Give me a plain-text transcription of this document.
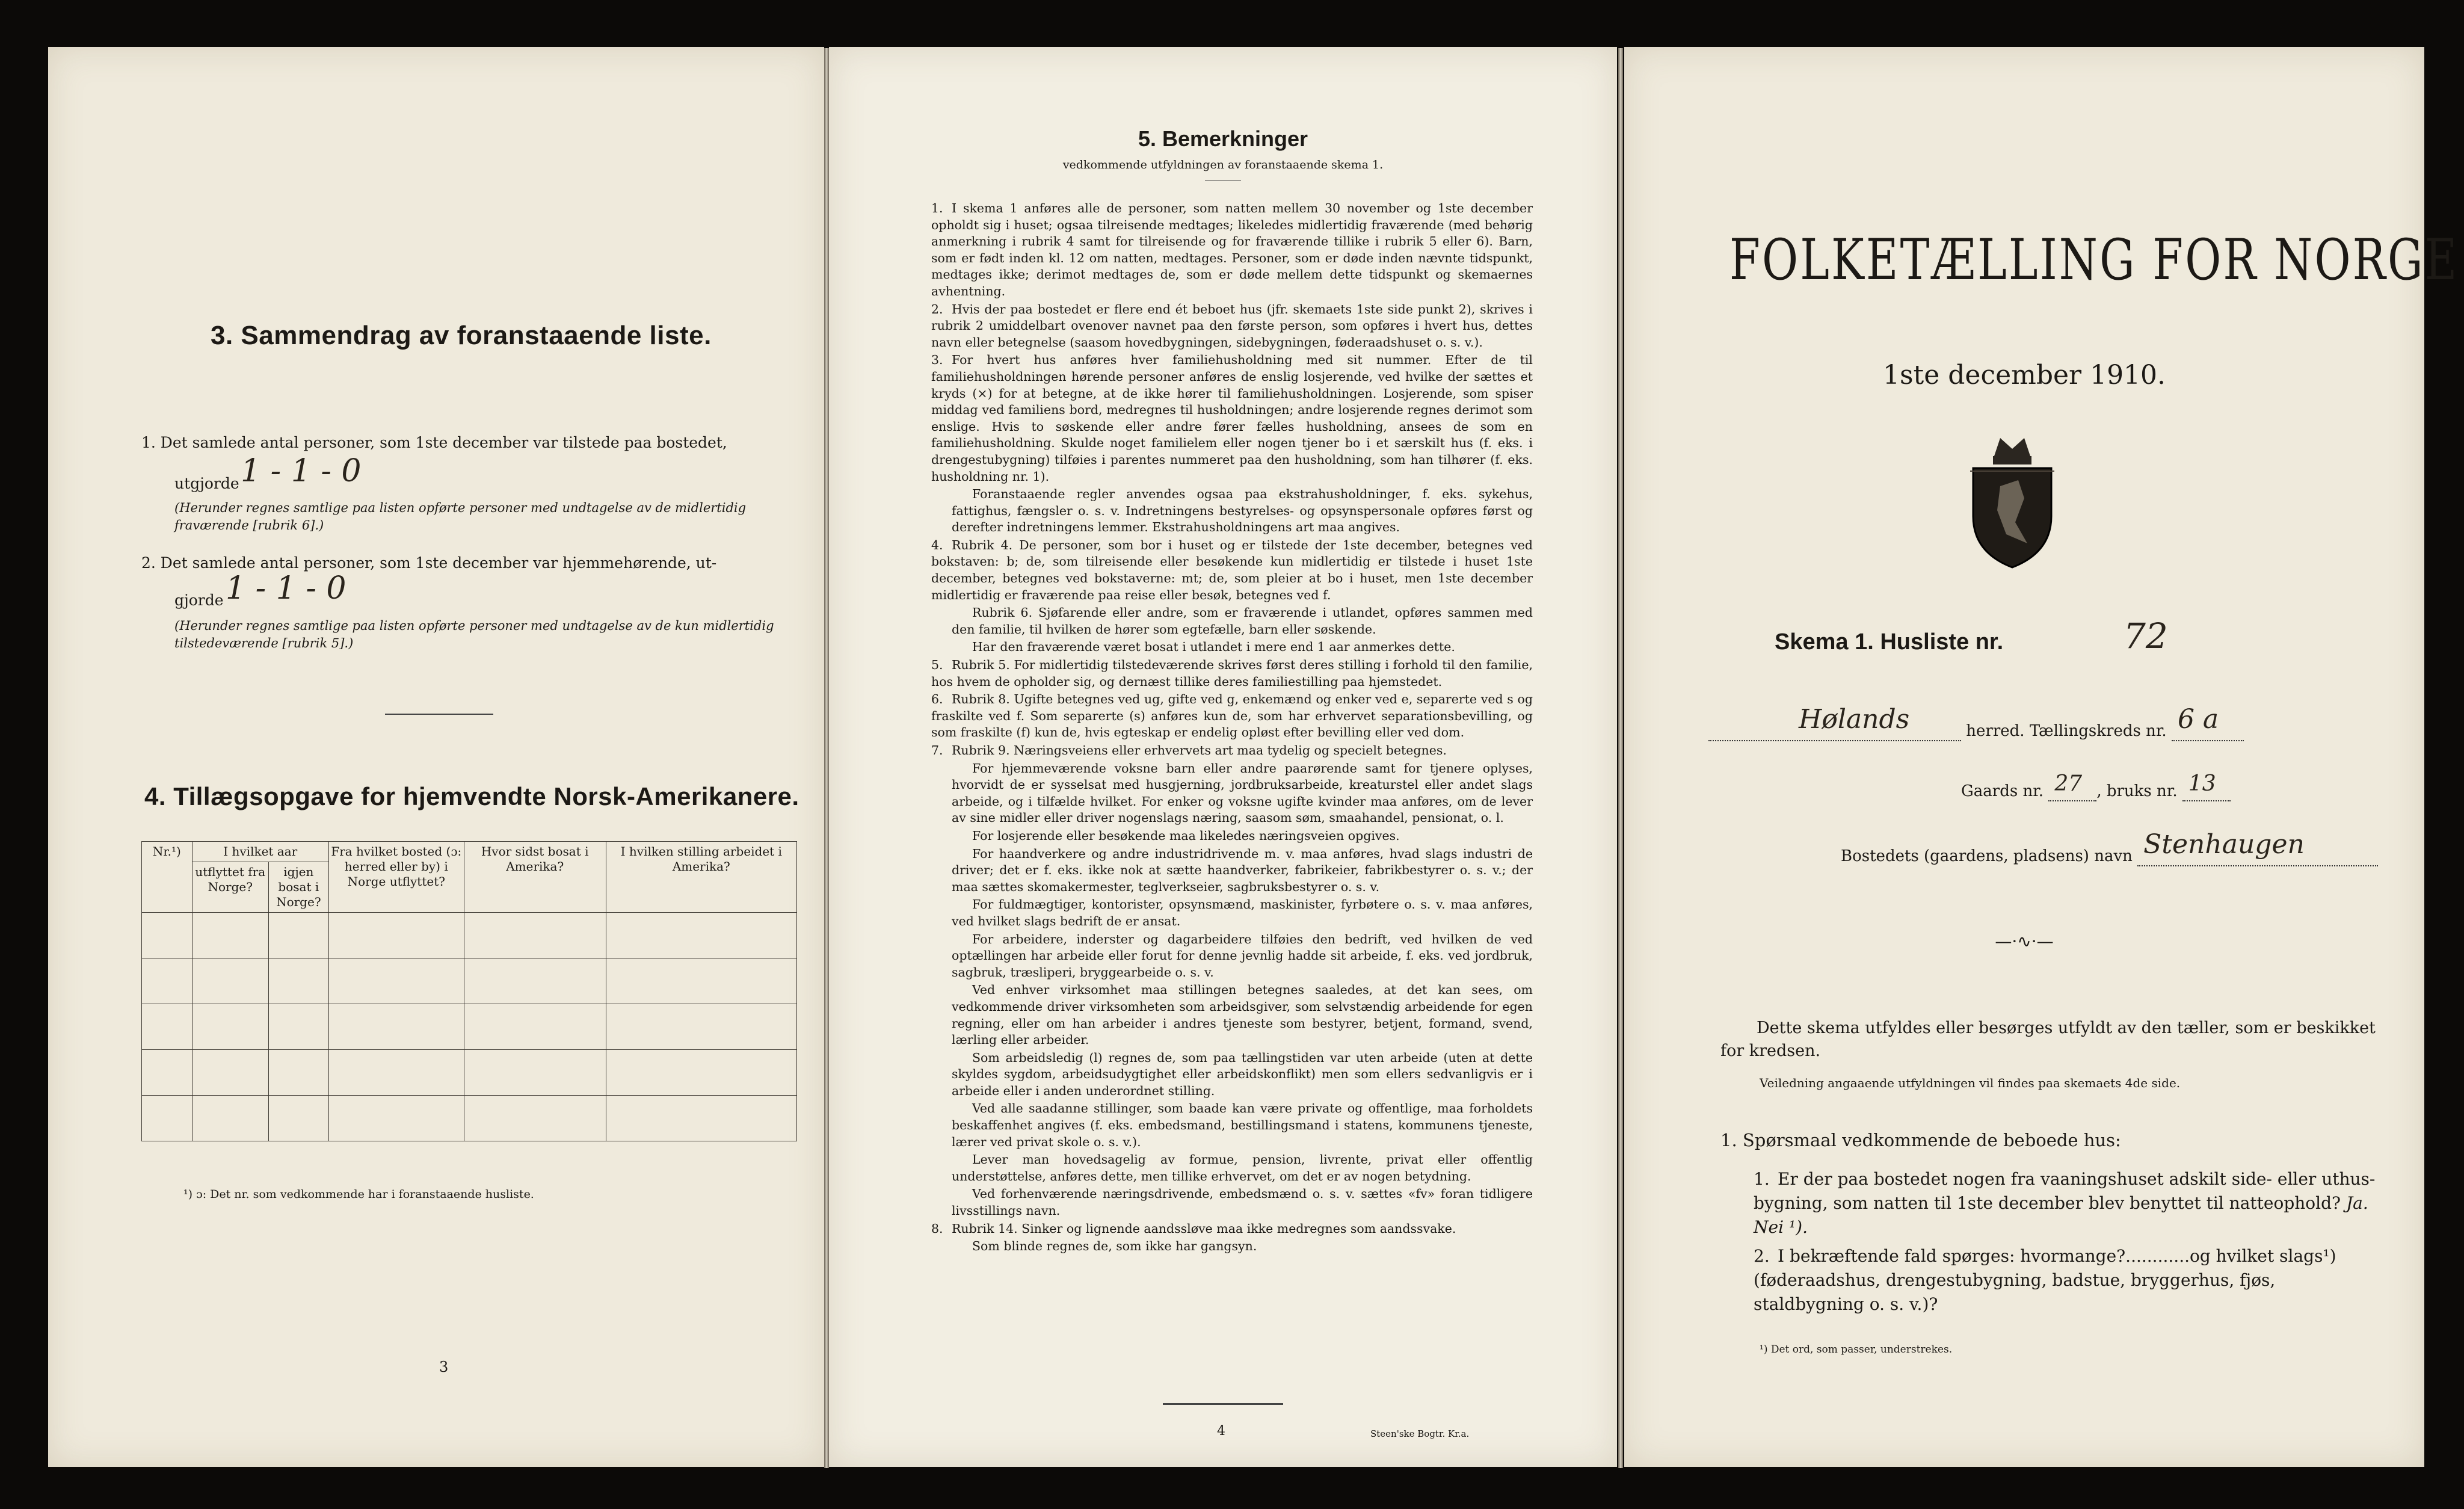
3. Sammendrag av foranstaaende liste.
1. Det samlede antal personer, som 1ste december var tilstede paa bostedet,
utgjorde 1 - 1 - 0
(Herunder regnes samtlige paa listen opførte personer med undtagelse av de midlertidig fraværende [rubrik 6].)
2. Det samlede antal personer, som 1ste december var hjemmehørende, ut-
gjorde 1 - 1 - 0
(Herunder regnes samtlige paa listen opførte personer med undtagelse av de kun midlertidig tilstedeværende [rubrik 5].)
4. Tillægsopgave for hjemvendte Norsk-Amerikanere.
Nr.¹)	I hvilket aar		Fra hvilket bosted (ɔ: herred eller by) i Norge utflyttet?	Hvor sidst bosat i Amerika?	I hvilken stilling arbeidet i Amerika?
	utflyttet fra Norge?	igjen bosat i Norge?			

¹) ɔ: Det nr. som vedkommende har i foranstaaende husliste.
3
5. Bemerkninger
vedkommende utfyldningen av foranstaaende skema 1.

1. I skema 1 anføres alle de personer, som natten mellem 30 november og 1ste december opholdt sig i huset; ogsaa tilreisende medtages; likeledes midlertidig fraværende (med behørig anmerkning i rubrik 4 samt for tilreisende og for fraværende tillike i rubrik 5 eller 6). Barn, som er født inden kl. 12 om natten, medtages. Personer, som er døde inden nævnte tidspunkt, medtages ikke; derimot medtages de, som er døde mellem dette tidspunkt og skemaernes avhentning.

2. Hvis der paa bostedet er flere end ét beboet hus (jfr. skemaets 1ste side punkt 2), skrives i rubrik 2 umiddelbart ovenover navnet paa den første person, som opføres i hvert hus, dettes navn eller betegnelse (saasom hovedbygningen, sidebygningen, føderaadshuset o. s. v.).

3. For hvert hus anføres hver familiehusholdning med sit nummer. Efter de til familiehusholdningen hørende personer anføres de enslig losjerende, ved hvilke der sættes et kryds (×) for at betegne, at de ikke hører til familiehusholdningen. Losjerende, som spiser middag ved familiens bord, medregnes til husholdningen; andre losjerende regnes derimot som enslige. Hvis to søskende eller andre fører fælles husholdning, ansees de som en familiehusholdning. Skulde noget familielem eller nogen tjener bo i et særskilt hus (f. eks. i drengestubygning) tilføies i parentes nummeret paa den husholdning, som han tilhører (f. eks. husholdning nr. 1).

Foranstaaende regler anvendes ogsaa paa ekstrahusholdninger, f. eks. sykehus, fattighus, fængsler o. s. v. Indretningens bestyrelses- og opsynspersonale opføres først og derefter indretningens lemmer. Ekstrahusholdningens art maa angives.

4. Rubrik 4. De personer, som bor i huset og er tilstede der 1ste december, betegnes ved bokstaven: b; de, som tilreisende eller besøkende kun midlertidig er tilstede i huset 1ste december, betegnes ved bokstaverne: mt; de, som pleier at bo i huset, men 1ste december midlertidig er fraværende paa reise eller besøk, betegnes ved f.

Rubrik 6. Sjøfarende eller andre, som er fraværende i utlandet, opføres sammen med den familie, til hvilken de hører som egtefælle, barn eller søskende.

Har den fraværende været bosat i utlandet i mere end 1 aar anmerkes dette.

5. Rubrik 5. For midlertidig tilstedeværende skrives først deres stilling i forhold til den familie, hos hvem de opholder sig, og dernæst tillike deres familiestilling paa hjemstedet.

6. Rubrik 8. Ugifte betegnes ved ug, gifte ved g, enkemænd og enker ved e, separerte ved s og fraskilte ved f. Som separerte (s) anføres kun de, som har erhvervet separationsbevilling, og som fraskilte (f) kun de, hvis egteskap er endelig opløst efter bevilling eller ved dom.

7. Rubrik 9. Næringsveiens eller erhvervets art maa tydelig og specielt betegnes.

For hjemmeværende voksne barn eller andre paarørende samt for tjenere oplyses, hvorvidt de er sysselsat med husgjerning, jordbruksarbeide, kreaturstel eller andet slags arbeide, og i tilfælde hvilket. For enker og voksne ugifte kvinder maa anføres, om de lever av sine midler eller driver nogenslags næring, saasom søm, smaahandel, pensionat, o. l.

For losjerende eller besøkende maa likeledes næringsveien opgives.

For haandverkere og andre industridrivende m. v. maa anføres, hvad slags industri de driver; det er f. eks. ikke nok at sætte haandverker, fabrikeier, fabrikbestyrer o. s. v.; der maa sættes skomakermester, teglverkseier, sagbruksbestyrer o. s. v.

For fuldmægtiger, kontorister, opsynsmænd, maskinister, fyrbøtere o. s. v. maa anføres, ved hvilket slags bedrift de er ansat.

For arbeidere, inderster og dagarbeidere tilføies den bedrift, ved hvilken de ved optællingen har arbeide eller forut for denne jevnlig hadde sit arbeide, f. eks. ved jordbruk, sagbruk, træsliperi, bryggearbeide o. s. v.

Ved enhver virksomhet maa stillingen betegnes saaledes, at det kan sees, om vedkommende driver virksomheten som arbeidsgiver, som selvstændig arbeidende for egen regning, eller om han arbeider i andres tjeneste som bestyrer, betjent, formand, svend, lærling eller arbeider.

Som arbeidsledig (l) regnes de, som paa tællingstiden var uten arbeide (uten at dette skyldes sygdom, arbeidsudygtighet eller arbeidskonflikt) men som ellers sedvanligvis er i arbeide eller i anden underordnet stilling.

Ved alle saadanne stillinger, som baade kan være private og offentlige, maa forholdets beskaffenhet angives (f. eks. embedsmand, bestillingsmand i statens, kommunens tjeneste, lærer ved privat skole o. s. v.).

Lever man hovedsagelig av formue, pension, livrente, privat eller offentlig understøttelse, anføres dette, men tillike erhvervet, om det er av nogen betydning.

Ved forhenværende næringsdrivende, embedsmænd o. s. v. sættes «fv» foran tidligere livsstillings navn.

8. Rubrik 14. Sinker og lignende aandssløve maa ikke medregnes som aandssvake.

Som blinde regnes de, som ikke har gangsyn.

4	Steen'ske Bogtr. Kr.a.
FOLKETÆLLING FOR NORGE
1ste december 1910.
Skema 1. Husliste nr.	72
Hølands	herred. Tællingskreds nr. 6 a

Gaards nr. 27 , bruks nr. 13

Bostedets (gaardens, pladsens) navn Stenhaugen

—·∿·—
Dette skema utfyldes eller besørges utfyldt av den tæller, som er beskikket for kredsen.
Veiledning angaaende utfyldningen vil findes paa skemaets 4de side.
1. Spørsmaal vedkommende de beboede hus:
1. Er der paa bostedet nogen fra vaaningshuset adskilt side- eller uthus-bygning, som natten til 1ste december blev benyttet til natteophold? Ja. Nei ¹).
2. I bekræftende fald spørges: hvormange?............og hvilket slags¹) (føderaadshus, drengestubygning, badstue, bryggerhus, fjøs, staldbygning o. s. v.)?
¹) Det ord, som passer, understrekes.
